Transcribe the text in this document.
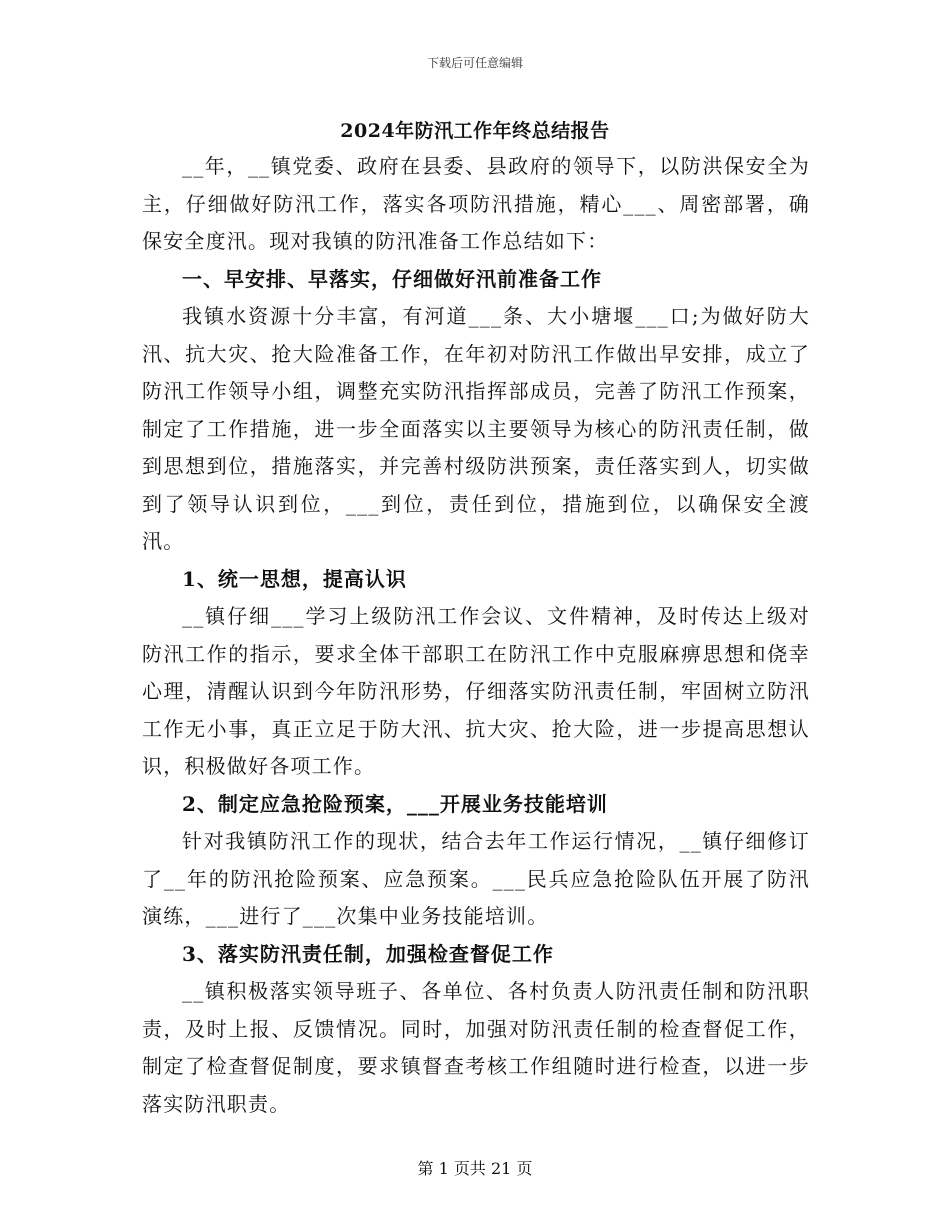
下载后可任意编辑
2024年防汛工作年终总结报告

__年，__镇党委、政府在县委、县政府的领导下，以防洪保安全为主，仔细做好防汛工作，落实各项防汛措施，精心___、周密部署，确保安全度汛。现对我镇的防汛准备工作总结如下：

一、早安排、早落实，仔细做好汛前准备工作

我镇水资源十分丰富，有河道___条、大小塘堰___口;为做好防大汛、抗大灾、抢大险准备工作，在年初对防汛工作做出早安排，成立了防汛工作领导小组，调整充实防汛指挥部成员，完善了防汛工作预案，制定了工作措施，进一步全面落实以主要领导为核心的防汛责任制，做到思想到位，措施落实，并完善村级防洪预案，责任落实到人，切实做到了领导认识到位，___到位，责任到位，措施到位，以确保安全渡汛。

1、统一思想，提高认识

__镇仔细___学习上级防汛工作会议、文件精神，及时传达上级对防汛工作的指示，要求全体干部职工在防汛工作中克服麻痹思想和侥幸心理，清醒认识到今年防汛形势，仔细落实防汛责任制，牢固树立防汛工作无小事，真正立足于防大汛、抗大灾、抢大险，进一步提高思想认识，积极做好各项工作。

2、制定应急抢险预案，___开展业务技能培训

针对我镇防汛工作的现状，结合去年工作运行情况，__镇仔细修订了__年的防汛抢险预案、应急预案。___民兵应急抢险队伍开展了防汛演练，___进行了___次集中业务技能培训。

3、落实防汛责任制，加强检查督促工作

__镇积极落实领导班子、各单位、各村负责人防汛责任制和防汛职责，及时上报、反馈情况。同时，加强对防汛责任制的检查督促工作，制定了检查督促制度，要求镇督查考核工作组随时进行检查，以进一步落实防汛职责。

第 1 页共 21 页
